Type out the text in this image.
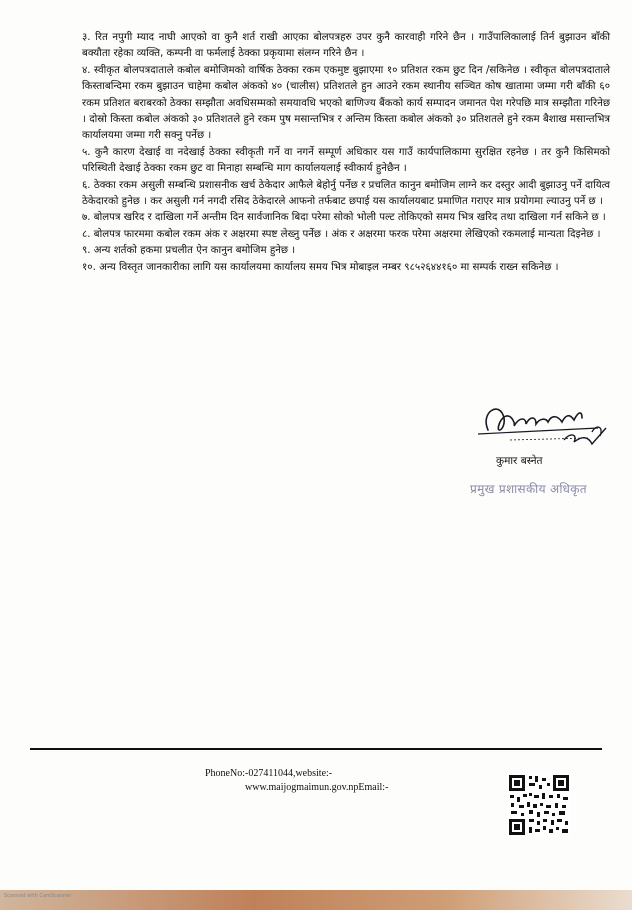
३. रित नपुगी म्याद नाघी आएको वा कुनै शर्त राखी आएका बोलपत्रहरु उपर कुनै कारवाही गरिने छैन । गाउँपालिकालाई तिर्न बुझाउन बाँकी बक्यौता रहेका व्यक्ति, कम्पनी वा फर्मलाई ठेक्का प्रकृयामा संलग्न गरिने छैन ।

४. स्वीकृत बोलपत्रदाताले कबोल बमोजिमको वार्षिक ठेक्का रकम एकमुष्ट बुझाएमा १० प्रतिशत रकम छुट दिन /सकिनेछ । स्वीकृत बोलपत्रदाताले किस्ताबन्दिमा रकम बुझाउन चाहेमा कबोल अंकको ४० (चालीस) प्रतिशतले हुन आउने रकम स्थानीय सञ्चित कोष खातामा जम्मा गरी बाँकी ६० रकम प्रतिशत बराबरको ठेक्का सम्झौता अवधिसम्मको समयावधि भएको बाणिज्य बैंकको कार्य सम्पादन जमानत पेश गरेपछि मात्र सम्झौता गरिनेछ । दोस्रो किस्ता कबोल अंकको ३० प्रतिशतले हुने रकम पुष मसान्तभित्र र अन्तिम किस्ता कबोल अंकको ३० प्रतिशतले हुने रकम बैशाख मसान्तभित्र कार्यालयमा जम्मा गरी सक्नु पर्नेछ ।

५. कुनै कारण देखाई वा नदेखाई ठेक्का स्वीकृती गर्ने वा नगर्ने सम्पूर्ण अधिकार यस गाउँ कार्यपालिकामा सुरक्षित रहनेछ । तर कुनै किसिमको परिस्थिती देखाई ठेक्का रकम छुट वा मिनाहा सम्बन्धि माग कार्यालयलाई स्वीकार्य हुनेछैन ।

६. ठेक्का रकम असुली सम्बन्धि प्रशासनीक खर्च ठेकेदार आफैले बेहोर्नु पर्नेछ र प्रचलित कानुन बमोजिम लाग्ने कर दस्तुर आदी बुझाउनु पर्ने दायित्व ठेकेदारको हुनेछ । कर असुली गर्न नगदी रसिद ठेकेदारले आफनो तर्फबाट छपाई यस कार्यालयबाट प्रमाणित गराएर मात्र प्रयोगमा ल्याउनु पर्ने छ ।

७. बोलपत्र खरिद र दाखिला गर्ने अन्तीम दिन सार्वजानिक बिदा परेमा सोको भोली पल्ट तोकिएको समय भित्र खरिद तथा दाखिला गर्न सकिने छ ।

८. बोलपत्र फारममा कबोल रकम अंक र अक्षरमा स्पष्ट लेख्नु पर्नेछ । अंक र अक्षरमा फरक परेमा अक्षरमा लेखिएको रकमलाई मान्यता दिइनेछ ।

९. अन्य शर्तको हकमा प्रचलीत ऐन कानुन बमोजिम हुनेछ ।

१०. अन्य विस्तृत जानकारीका लागि यस कार्यालयमा कार्यालय समय भित्र मोबाइल नम्बर ९८५२६४४१६० मा सम्पर्क राख्न सकिनेछ ।

कुमार बस्नेत
प्रमुख प्रशासकीय अधिकृत
PhoneNo:-027411044,website:-
www.maijogmaimun.gov.npEmail:-
Scanned with CamScanner
